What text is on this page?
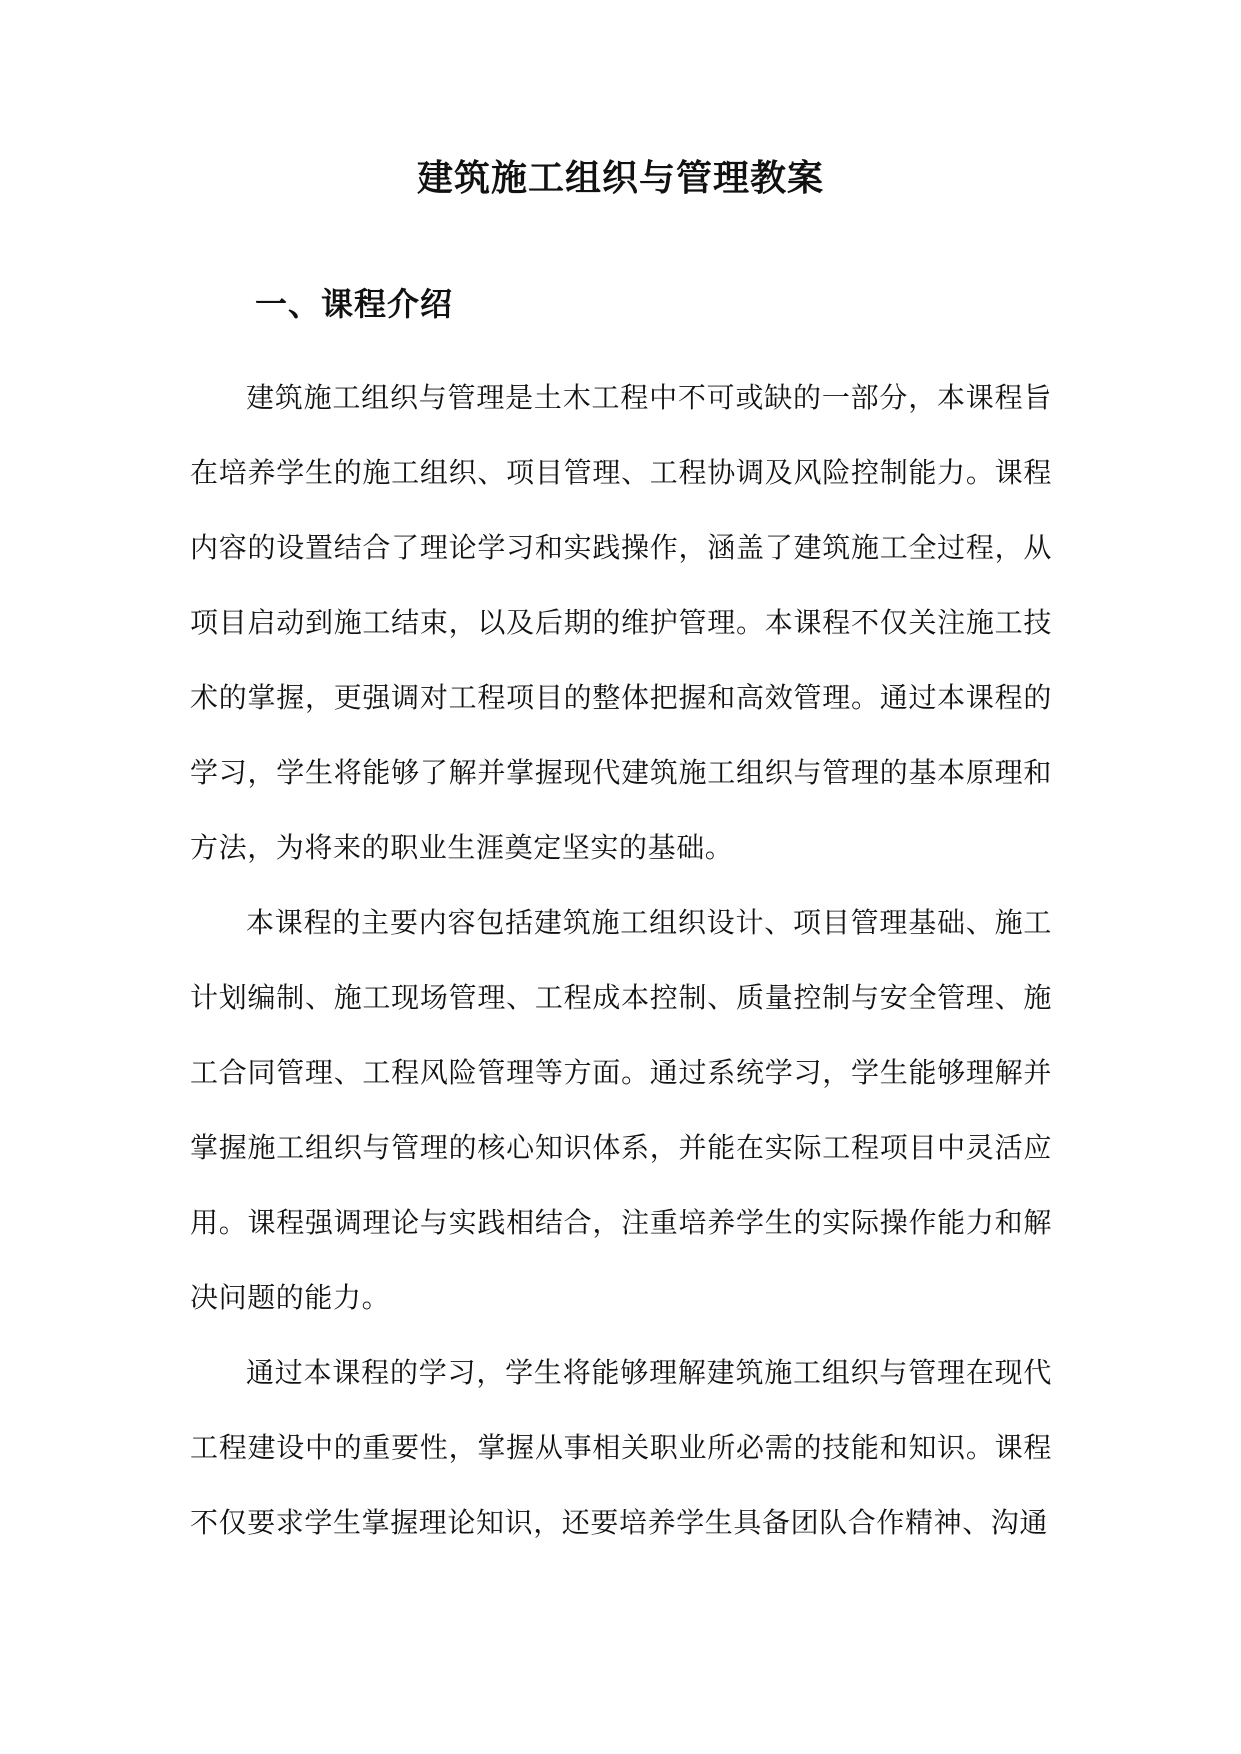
建筑施工组织与管理教案
一、课程介绍

建筑施工组织与管理是土木工程中不可或缺的一部分，本课程旨在培养学生的施工组织、项目管理、工程协调及风险控制能力。课程内容的设置结合了理论学习和实践操作，涵盖了建筑施工全过程，从项目启动到施工结束，以及后期的维护管理。本课程不仅关注施工技术的掌握，更强调对工程项目的整体把握和高效管理。通过本课程的学习，学生将能够了解并掌握现代建筑施工组织与管理的基本原理和方法，为将来的职业生涯奠定坚实的基础。

本课程的主要内容包括建筑施工组织设计、项目管理基础、施工计划编制、施工现场管理、工程成本控制、质量控制与安全管理、施工合同管理、工程风险管理等方面。通过系统学习，学生能够理解并掌握施工组织与管理的核心知识体系，并能在实际工程项目中灵活应用。课程强调理论与实践相结合，注重培养学生的实际操作能力和解决问题的能力。

通过本课程的学习，学生将能够理解建筑施工组织与管理在现代工程建设中的重要性，掌握从事相关职业所必需的技能和知识。课程不仅要求学生掌握理论知识，还要培养学生具备团队合作精神、沟通
